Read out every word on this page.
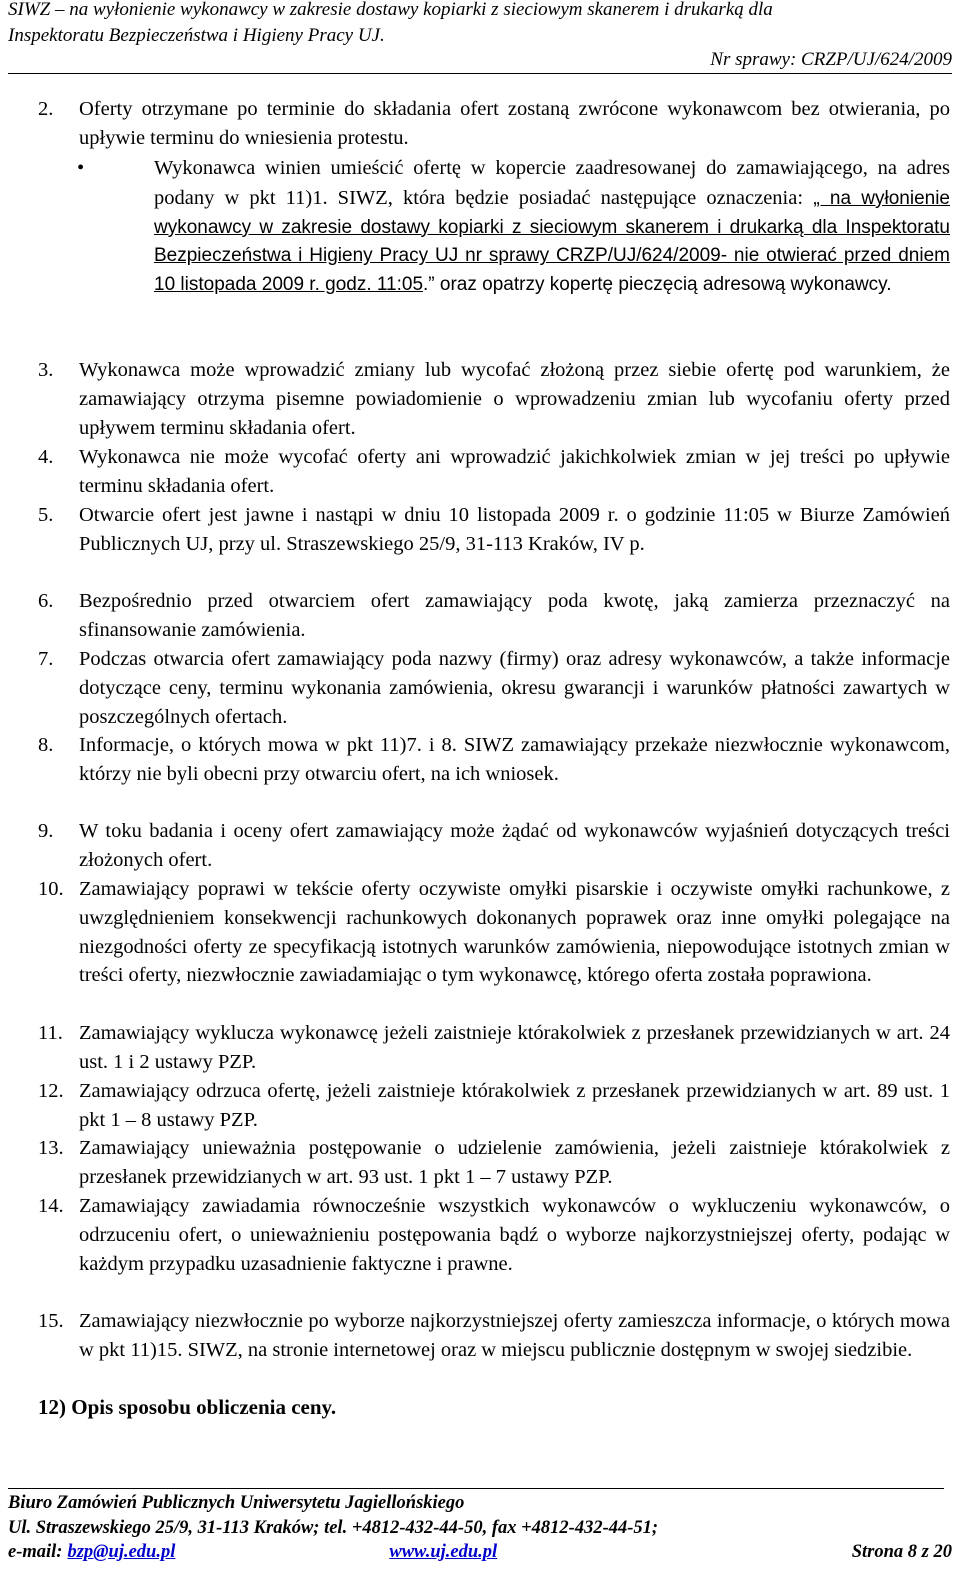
SIWZ – na wyłonienie wykonawcy w zakresie dostawy kopiarki z sieciowym skanerem i drukarką dla
Inspektoratu Bezpieczeństwa i Higieny Pracy UJ.
Nr sprawy: CRZP/UJ/624/2009
2. Oferty otrzymane po terminie do składania ofert zostaną zwrócone wykonawcom bez otwierania, po upływie terminu do wniesienia protestu.
•	Wykonawca winien umieścić ofertę w kopercie zaadresowanej do zamawiającego, na adres podany w pkt 11)1. SIWZ, która będzie posiadać następujące oznaczenia: „ na wyłonienie wykonawcy w zakresie dostawy kopiarki z sieciowym skanerem i drukarką dla Inspektoratu Bezpieczeństwa i Higieny Pracy UJ nr sprawy CRZP/UJ/624/2009- nie otwierać przed dniem 10 listopada 2009 r. godz. 11:05.” oraz opatrzy kopertę pieczęcią adresową wykonawcy.
3. Wykonawca może wprowadzić zmiany lub wycofać złożoną przez siebie ofertę pod warunkiem, że zamawiający otrzyma pisemne powiadomienie o wprowadzeniu zmian lub wycofaniu oferty przed upływem terminu składania ofert.
4. Wykonawca nie może wycofać oferty ani wprowadzić jakichkolwiek zmian w jej treści po upływie terminu składania ofert.
5. Otwarcie ofert jest jawne i nastąpi w dniu 10 listopada 2009 r. o godzinie 11:05 w Biurze Zamówień Publicznych UJ, przy ul. Straszewskiego 25/9, 31-113 Kraków, IV p.
6. Bezpośrednio przed otwarciem ofert zamawiający poda kwotę, jaką zamierza przeznaczyć na sfinansowanie zamówienia.
7. Podczas otwarcia ofert zamawiający poda nazwy (firmy) oraz adresy wykonawców, a także informacje dotyczące ceny, terminu wykonania zamówienia, okresu gwarancji i warunków płatności zawartych w poszczególnych ofertach.
8. Informacje, o których mowa w pkt 11)7. i 8. SIWZ zamawiający przekaże niezwłocznie wykonawcom, którzy nie byli obecni przy otwarciu ofert, na ich wniosek.
9. W toku badania i oceny ofert zamawiający może żądać od wykonawców wyjaśnień dotyczących treści złożonych ofert.
10. Zamawiający poprawi w tekście oferty oczywiste omyłki pisarskie i oczywiste omyłki rachunkowe, z uwzględnieniem konsekwencji rachunkowych dokonanych poprawek oraz inne omyłki polegające na niezgodności oferty ze specyfikacją istotnych warunków zamówienia, niepowodujące istotnych zmian w treści oferty, niezwłocznie zawiadamiając o tym wykonawcę, którego oferta została poprawiona.
11. Zamawiający wyklucza wykonawcę jeżeli zaistnieje którakolwiek z przesłanek przewidzianych w art. 24 ust. 1 i 2 ustawy PZP.
12. Zamawiający odrzuca ofertę, jeżeli zaistnieje którakolwiek z przesłanek przewidzianych w art. 89 ust. 1 pkt 1 – 8 ustawy PZP.
13. Zamawiający unieważnia postępowanie o udzielenie zamówienia, jeżeli zaistnieje którakolwiek z przesłanek przewidzianych w art. 93 ust. 1 pkt 1 – 7 ustawy PZP.
14. Zamawiający zawiadamia równocześnie wszystkich wykonawców o wykluczeniu wykonawców, o odrzuceniu ofert, o unieważnieniu postępowania bądź o wyborze najkorzystniejszej oferty, podając w każdym przypadku uzasadnienie faktyczne i prawne.
15. Zamawiający niezwłocznie po wyborze najkorzystniejszej oferty zamieszcza informacje, o których mowa w pkt 11)15. SIWZ, na stronie internetowej oraz w miejscu publicznie dostępnym w swojej siedzibie.
12) Opis sposobu obliczenia ceny.
Biuro Zamówień Publicznych Uniwersytetu Jagiellońskiego
Ul. Straszewskiego 25/9, 31-113 Kraków; tel. +4812-432-44-50, fax +4812-432-44-51;
e-mail: bzp@uj.edu.pl	www.uj.edu.pl	Strona 8 z 20
